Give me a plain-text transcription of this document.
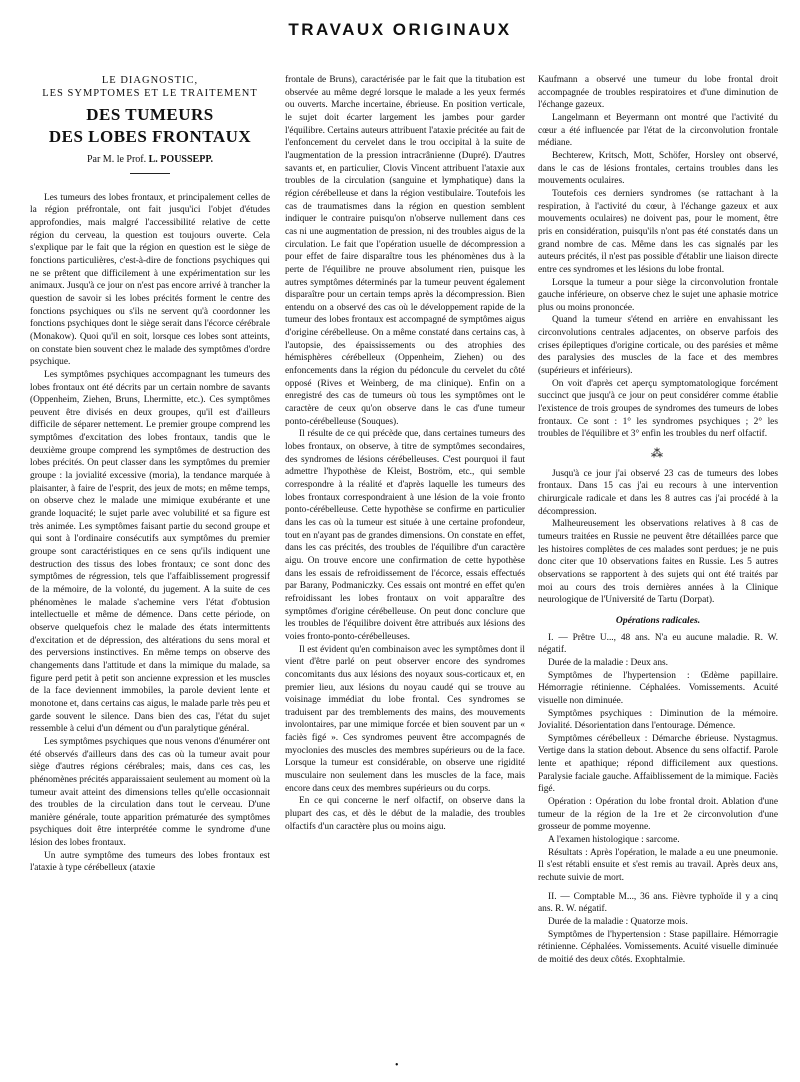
TRAVAUX ORIGINAUX
LE DIAGNOSTIC,
LES SYMPTOMES ET LE TRAITEMENT
DES TUMEURS
DES LOBES FRONTAUX
Par M. le Prof. L. POUSSEPP.

Les tumeurs des lobes frontaux, et principalement celles de la région préfrontale, ont fait jusqu'ici l'objet d'études approfondies, mais malgré l'accessibilité relative de cette région du cerveau, la question est toujours ouverte. Cela s'explique par le fait que la région en question est le siège de fonctions particulières, c'est-à-dire de fonctions psychiques qui ne se prêtent que difficilement à une expérimentation sur les animaux. Jusqu'à ce jour on n'est pas encore arrivé à trancher la question de savoir si les lobes précités forment le centre des fonctions psychiques ou s'ils ne servent qu'à coordonner les fonctions psychiques dont le siège serait dans l'écorce cérébrale (Monakow). Quoi qu'il en soit, lorsque ces lobes sont atteints, on constate bien souvent chez le malade des symptômes d'ordre psychique.

Les symptômes psychiques accompagnant les tumeurs des lobes frontaux ont été décrits par un certain nombre de savants (Oppenheim, Ziehen, Bruns, Lhermitte, etc.). Ces symptômes peuvent être divisés en deux groupes, qu'il est d'ailleurs difficile de séparer nettement. Le premier groupe comprend les symptômes d'excitation des lobes frontaux, tandis que le deuxième groupe comprend les symptômes de destruction des lobes précités. On peut classer dans les symptômes du premier groupe : la jovialité excessive (moria), la tendance marquée à plaisanter, à faire de l'esprit, des jeux de mots; en même temps, on observe chez le malade une mimique exubérante et une grande loquacité; le sujet parle avec volubilité et sa figure est très animée. Les symptômes faisant partie du second groupe et qui sont à l'ordinaire consécutifs aux symptômes du premier groupe sont caractéristiques en ce sens qu'ils indiquent une destruction des tissus des lobes frontaux; ce sont donc des symptômes de régression, tels que l'affaiblissement progressif de la mémoire, de la volonté, du jugement. A la suite de ces phénomènes le malade s'achemine vers l'état d'obtusion intellectuelle et même de démence. Dans cette période, on observe quelquefois chez le malade des états intermittents d'excitation et de dépression, des altérations du sens moral et des perversions instinctives. En même temps on observe des changements dans l'attitude et dans la mimique du malade, sa figure perd petit à petit son ancienne expression et les muscles de la face deviennent immobiles, la parole devient lente et monotone et, dans certains cas aigus, le malade parle très peu et garde souvent le silence. Dans bien des cas, l'état du sujet ressemble à celui d'un dément ou d'un paralytique général.

Les symptômes psychiques que nous venons d'énumérer ont été observés d'ailleurs dans des cas où la tumeur avait pour siège d'autres régions cérébrales; mais, dans ces cas, les phénomènes précités apparaissaient seulement au moment où la tumeur avait atteint des dimensions telles qu'elle occasionnait des troubles de la circulation dans tout le cerveau. D'une manière générale, toute apparition prématurée des symptômes psychiques doit être interprétée comme le syndrome d'une lésion des lobes frontaux.

Un autre symptôme des tumeurs des lobes frontaux est l'ataxie à type cérébelleux (ataxie

frontale de Bruns), caractérisée par le fait que la titubation est observée au même degré lorsque le malade a les yeux fermés ou ouverts. Marche incertaine, ébrieuse. En position verticale, le sujet doit écarter largement les jambes pour garder l'équilibre. Certains auteurs attribuent l'ataxie précitée au fait de l'enfoncement du cervelet dans le trou occipital à la suite de l'augmentation de la pression intracrânienne (Dupré). D'autres savants et, en particulier, Clovis Vincent attribuent l'ataxie aux troubles de la circulation (sanguine et lymphatique) dans la région cérébelleuse et dans la région vestibulaire. Toutefois les cas de traumatismes dans la région en question semblent indiquer le contraire puisqu'on n'observe nullement dans ces cas ni une augmentation de pression, ni des troubles aigus de la circulation. Le fait que l'opération usuelle de décompression a pour effet de faire disparaître tous les phénomènes dus à la perte de l'équilibre ne prouve absolument rien, puisque les autres symptômes déterminés par la tumeur peuvent également disparaître pour un certain temps après la décompression. Bien entendu on a observé des cas où le développement rapide de la tumeur des lobes frontaux est accompagné de symptômes aigus d'origine cérébelleuse. On a même constaté dans certains cas, à l'autopsie, des épaississements ou des atrophies des hémisphères cérébelleux (Oppenheim, Ziehen) ou des enfoncements dans la région du pédoncule du cervelet du côté opposé (Rives et Weinberg, de ma clinique). Enfin on a enregistré des cas de tumeurs où tous les symptômes ont le caractère de ceux qu'on observe dans le cas d'une tumeur ponto-cérébelleuse (Souques).

Il résulte de ce qui précède que, dans certaines tumeurs des lobes frontaux, on observe, à titre de symptômes secondaires, des syndromes de lésions cérébelleuses. C'est pourquoi il faut admettre l'hypothèse de Kleist, Boström, etc., qui semble correspondre à la réalité et d'après laquelle les tumeurs des lobes frontaux correspondraient à une lésion de la voie fronto ponto-cérébelleuse. Cette hypothèse se confirme en particulier dans les cas où la tumeur est située à une certaine profondeur, tout en n'ayant pas de grandes dimensions. On constate en effet, dans les cas précités, des troubles de l'équilibre d'un caractère aigu. On trouve encore une confirmation de cette hypothèse dans les essais de refroidissement de l'écorce, essais effectués par Barany, Podmaniczky. Ces essais ont montré en effet qu'en refroidissant les lobes frontaux on voit apparaître des symptômes d'origine cérébelleuse. On peut donc conclure que les troubles de l'équilibre doivent être attribués aux lésions des voies fronto-ponto-cérébelleuses.

Il est évident qu'en combinaison avec les symptômes dont il vient d'être parlé on peut observer encore des syndromes concomitants dus aux lésions des noyaux sous-corticaux et, en premier lieu, aux lésions du noyau caudé qui se trouve au voisinage immédiat du lobe frontal. Ces syndromes se traduisent par des tremblements des mains, des mouvements involontaires, par une mimique forcée et bien souvent par un « faciès figé ». Ces syndromes peuvent être accompagnés de myoclonies des muscles des membres supérieurs ou de la face. Lorsque la tumeur est considérable, on observe une rigidité musculaire non seulement dans les muscles de la face, mais encore dans ceux des membres supérieurs ou du corps.

En ce qui concerne le nerf olfactif, on observe dans la plupart des cas, et dès le début de la maladie, des troubles olfactifs d'un caractère plus ou moins aigu.

Kaufmann a observé une tumeur du lobe frontal droit accompagnée de troubles respiratoires et d'une diminution de l'échange gazeux.

Langelmann et Beyermann ont montré que l'activité du cœur a été influencée par l'état de la circonvolution frontale médiane.

Bechterew, Kritsch, Mott, Schöfer, Horsley ont observé, dans le cas de lésions frontales, certains troubles dans les mouvements oculaires.

Toutefois ces derniers syndromes (se rattachant à la respiration, à l'activité du cœur, à l'échange gazeux et aux mouvements oculaires) ne doivent pas, pour le moment, être pris en considération, puisqu'ils n'ont pas été constatés dans un grand nombre de cas. Même dans les cas signalés par les auteurs précités, il n'est pas possible d'établir une liaison directe entre ces syndromes et les lésions du lobe frontal.

Lorsque la tumeur a pour siège la circonvolution frontale gauche inférieure, on observe chez le sujet une aphasie motrice plus ou moins prononcée.

Quand la tumeur s'étend en arrière en envahissant les circonvolutions centrales adjacentes, on observe parfois des crises épileptiques d'origine corticale, ou des parésies et même des paralysies des muscles de la face et des membres (supérieurs et inférieurs).

On voit d'après cet aperçu symptomatologique forcément succinct que jusqu'à ce jour on peut considérer comme établie l'existence de trois groupes de syndromes des tumeurs de lobes frontaux. Ce sont : 1° les syndromes psychiques ; 2° les troubles de l'équilibre et 3° enfin les troubles du nerf olfactif.

⁂

Jusqu'à ce jour j'ai observé 23 cas de tumeurs des lobes frontaux. Dans 15 cas j'ai eu recours à une intervention chirurgicale radicale et dans les 8 autres cas j'ai procédé à la décompression.

Malheureusement les observations relatives à 8 cas de tumeurs traitées en Russie ne peuvent être détaillées parce que les histoires complètes de ces malades sont perdues; je ne puis donc citer que 10 observations faites en Russie. Les 5 autres observations se rapportent à des sujets qui ont été traités par moi au cours des trois dernières années à la Clinique neurologique de l'Université de Tartu (Dorpat).

Opérations radicales.

I. — Prêtre U..., 48 ans. N'a eu aucune maladie. R. W. négatif.

Durée de la maladie : Deux ans.

Symptômes de l'hypertension : Œdème papillaire. Hémorragie rétinienne. Céphalées. Vomissements. Acuité visuelle non diminuée.

Symptômes psychiques : Diminution de la mémoire. Jovialité. Désorientation dans l'entourage. Démence.

Symptômes cérébelleux : Démarche ébrieuse. Nystagmus. Vertige dans la station debout. Absence du sens olfactif. Parole lente et apathique; répond difficilement aux questions. Paralysie faciale gauche. Affaiblissement de la mimique. Faciès figé.

Opération : Opération du lobe frontal droit. Ablation d'une tumeur de la région de la 1re et 2e circonvolution d'une grosseur de pomme moyenne.

A l'examen histologique : sarcome.

Résultats : Après l'opération, le malade a eu une pneumonie. Il s'est rétabli ensuite et s'est remis au travail. Après deux ans, rechute suivie de mort.

II. — Comptable M..., 36 ans. Fièvre typhoïde il y a cinq ans. R. W. négatif.

Durée de la maladie : Quatorze mois.

Symptômes de l'hypertension : Stase papillaire. Hémorragie rétinienne. Céphalées. Vomissements. Acuité visuelle diminuée de moitié des deux côtés. Exophtalmie.

•
